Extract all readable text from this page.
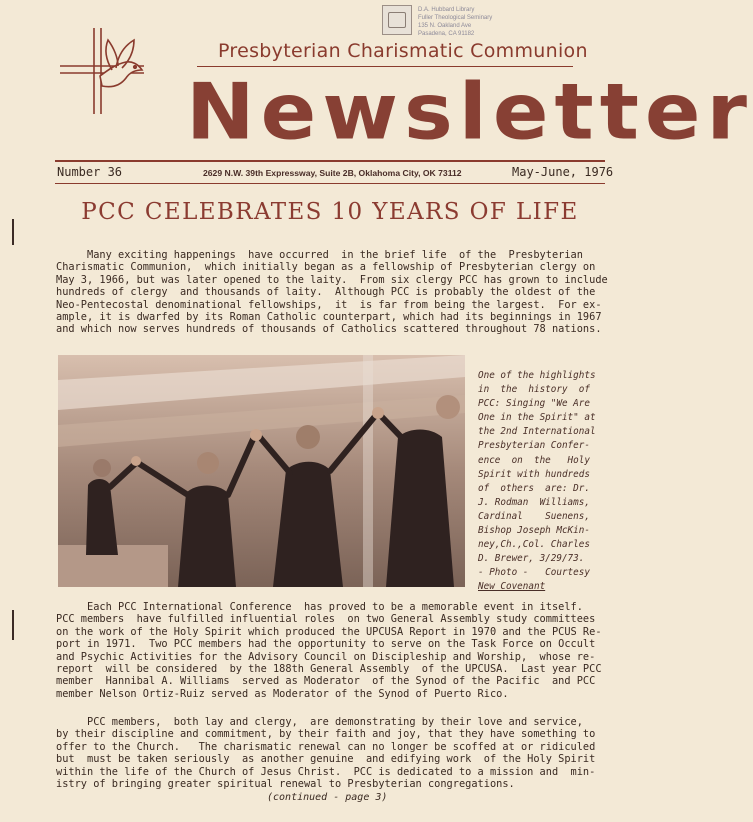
D.A. Hubbard Library
Fuller Theological Seminary
135 N. Oakland Ave
Pasadena, CA 91182
Presbyterian Charismatic Communion
Newsletter
Number 36	2629 N.W. 39th Expressway, Suite 2B, Oklahoma City, OK 73112	May-June, 1976
PCC CELEBRATES 10 YEARS OF LIFE
Many exciting happenings  have occurred  in the brief life  of the  Presbyterian
Charismatic Communion,  which initially began as a fellowship of Presbyterian clergy on
May 3, 1966, but was later opened to the laity.  From six clergy PCC has grown to include
hundreds of clergy  and thousands of laity.  Although PCC is probably the oldest of the
Neo-Pentecostal denominational fellowships,  it  is far from being the largest.  For ex-
ample, it is dwarfed by its Roman Catholic counterpart, which had its beginnings in 1967
and which now serves hundreds of thousands of Catholics scattered throughout 78 nations.
One of the highlights
in  the  history  of
PCC: Singing "We Are
One in the Spirit" at
the 2nd International
Presbyterian Confer-
ence  on  the   Holy
Spirit with hundreds
of  others  are: Dr.
J. Rodman  Williams,
Cardinal    Suenens,
Bishop Joseph McKin-
ney,Ch.,Col. Charles
D. Brewer, 3/29/73.
- Photo -   Courtesy
New Covenant
Each PCC International Conference  has proved to be a memorable event in itself.
PCC members  have fulfilled influential roles  on two General Assembly study committees
on the work of the Holy Spirit which produced the UPCUSA Report in 1970 and the PCUS Re-
port in 1971.  Two PCC members had the opportunity to serve on the Task Force on Occult
and Psychic Activities for the Advisory Council on Discipleship and Worship,  whose re-
report  will be considered  by the 188th General Assembly  of the UPCUSA.  Last year PCC
member  Hannibal A. Williams  served as Moderator  of the Synod of the Pacific  and PCC
member Nelson Ortiz-Ruiz served as Moderator of the Synod of Puerto Rico.
PCC members,  both lay and clergy,  are demonstrating by their love and service,
by their discipline and commitment, by their faith and joy, that they have something to
offer to the Church.   The charismatic renewal can no longer be scoffed at or ridiculed
but  must be taken seriously  as another genuine  and edifying work  of the Holy Spirit
within the life of the Church of Jesus Christ.  PCC is dedicated to a mission and  min-
istry of bringing greater spiritual renewal to Presbyterian congregations.
(continued - page 3)
